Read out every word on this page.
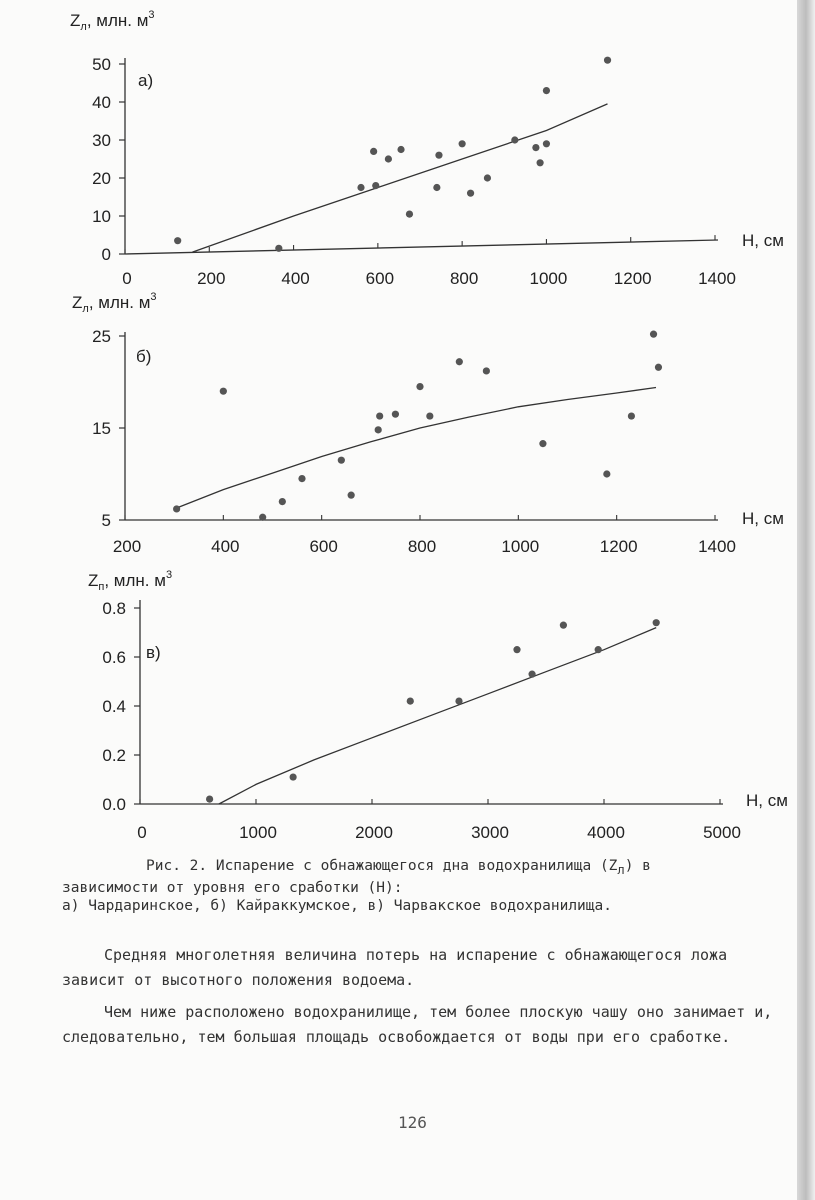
0
10
20
30
40
50
0	200	400	600	800	1000	1200	1400
$Z_л$, млн. $м^3$
а)
Н, см
5
15
25
200	400	600	800	1000	1200	1400
$Z_л$, млн. $м^3$
б)
Н, см
0.0
0.2
0.4
0.6
0.8
0	1000	2000	3000	4000	5000
$Z_п$, млн. $м^3$
в)
Н, см
Рис. 2. Испарение с обнажающегося дна водохранилища $(Z_л)$ в
зависимости от уровня его сработки (Н):
а) Чардаринское, б) Кайраккумское, в) Чарвакское водохранилища.

Средняя многолетняя величина потерь на испарение с обнажающегося ложа зависит от высотного положения водоема.

Чем ниже расположено водохранилище, тем более плоскую чашу оно занимает и, следовательно, тем большая площадь освобождается от воды при его сработке.

126
